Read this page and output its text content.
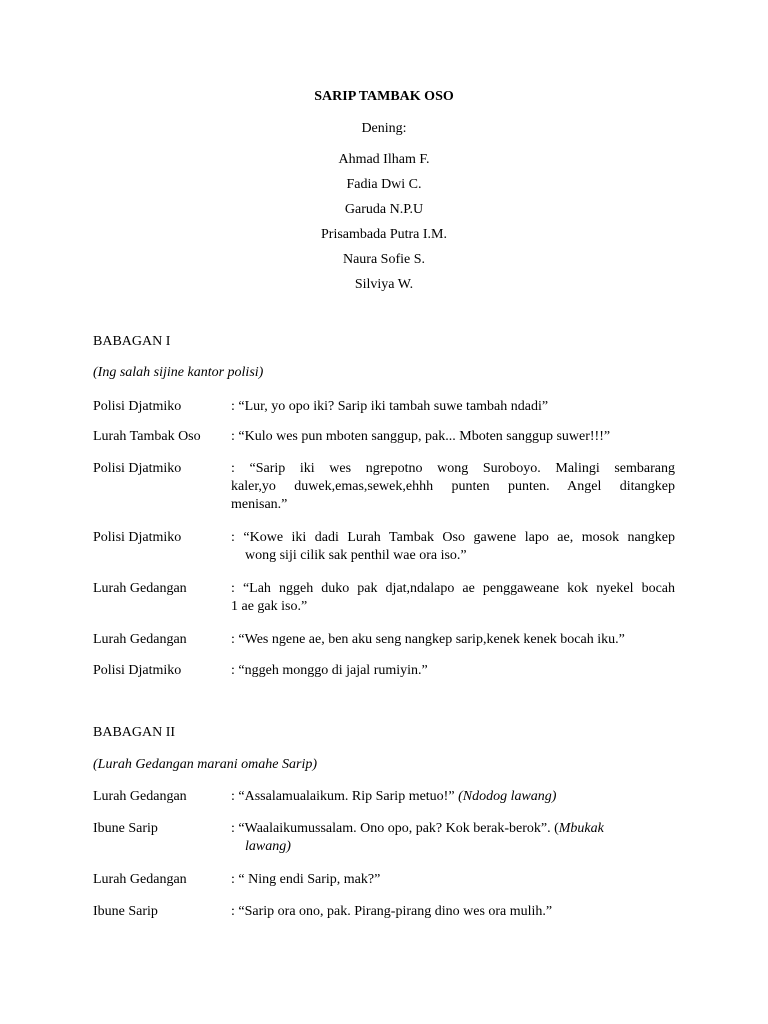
SARIP TAMBAK OSO
Dening:
Ahmad Ilham F.
Fadia Dwi C.
Garuda N.P.U
Prisambada Putra I.M.
Naura Sofie S.
Silviya W.
BABAGAN I
(Ing salah sijine kantor polisi)
Polisi Djatmiko	: “Lur, yo opo iki? Sarip iki tambah suwe tambah ndadi”
Lurah Tambak Oso	: “Kulo wes pun mboten sanggup, pak... Mboten sanggup suwer!!!”
Polisi Djatmiko	: “Sarip iki wes ngrepotno wong Suroboyo. Malingi sembarang
kaler,yo duwek,emas,sewek,ehhh punten punten. Angel ditangkep
menisan.”
Polisi Djatmiko	: “Kowe iki dadi Lurah Tambak Oso gawene lapo ae, mosok nangkep
wong siji cilik sak penthil wae ora iso.”
Lurah Gedangan	: “Lah nggeh duko pak djat,ndalapo ae penggaweane kok nyekel bocah
1 ae gak iso.”
Lurah Gedangan	: “Wes ngene ae, ben aku seng nangkep sarip,kenek kenek bocah iku.”
Polisi Djatmiko	: “nggeh monggo di jajal rumiyin.”
BABAGAN II
(Lurah Gedangan marani omahe Sarip)
Lurah Gedangan	: “Assalamualaikum. Rip Sarip metuo!” (Ndodog lawang)
Ibune Sarip	: “Waalaikumussalam. Ono opo, pak? Kok berak-berok”. (Mbukak
lawang)
Lurah Gedangan	: “ Ning endi Sarip, mak?”
Ibune Sarip	: “Sarip ora ono, pak. Pirang-pirang dino wes ora mulih.”
